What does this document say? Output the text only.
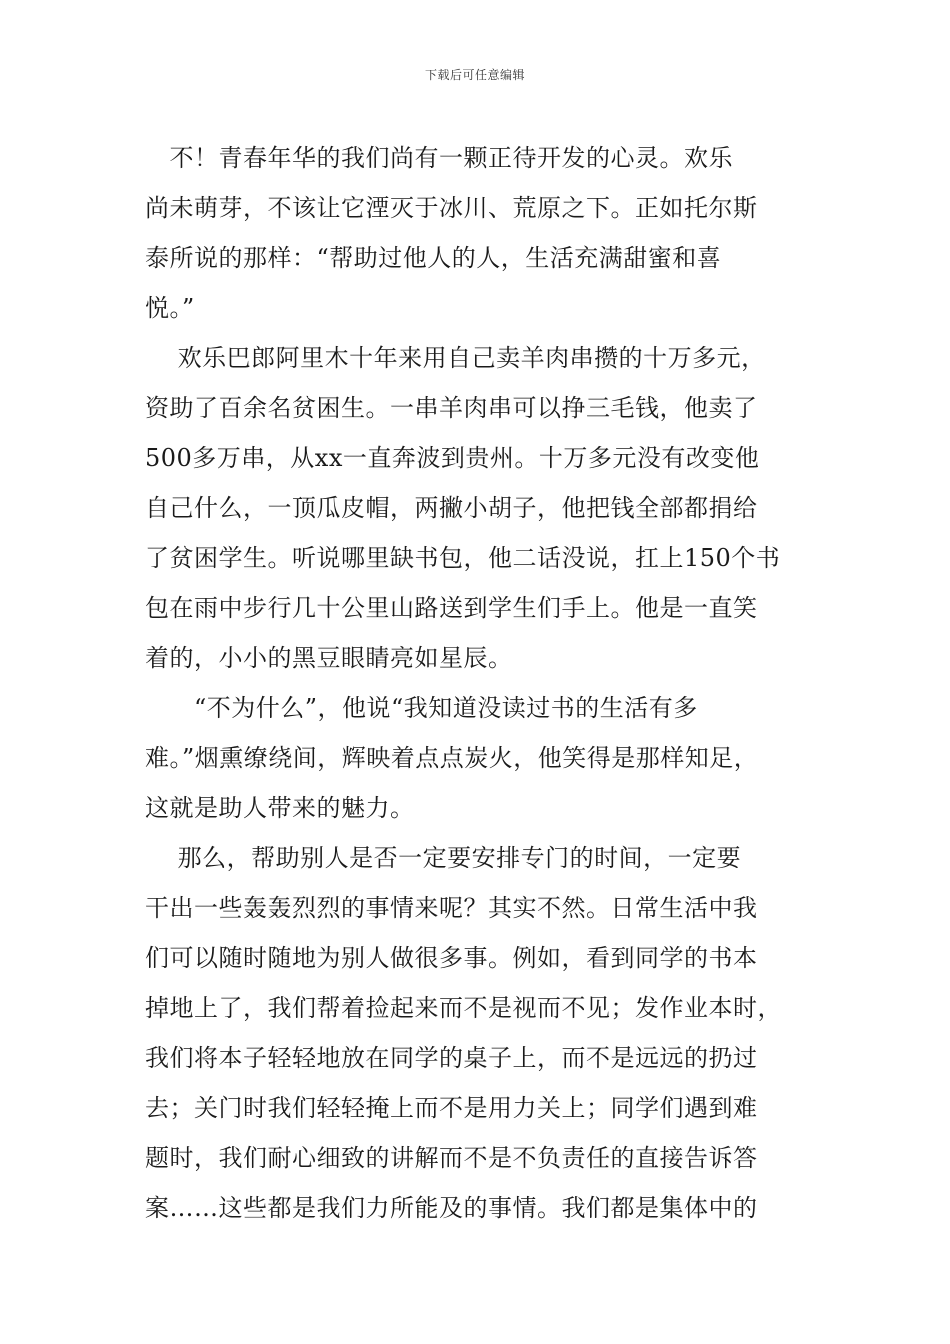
下载后可任意编辑
　不！青春年华的我们尚有一颗正待开发的心灵。欢乐
尚未萌芽，不该让它湮灭于冰川、荒原之下。正如托尔斯
泰所说的那样：“帮助过他人的人，生活充满甜蜜和喜
悦。”
　 欢乐巴郎阿里木十年来用自己卖羊肉串攒的十万多元，
资助了百余名贫困生。一串羊肉串可以挣三毛钱，他卖了
500多万串，从xx一直奔波到贵州。十万多元没有改变他
自己什么，一顶瓜皮帽，两撇小胡子，他把钱全部都捐给
了贫困学生。听说哪里缺书包，他二话没说，扛上150个书
包在雨中步行几十公里山路送到学生们手上。他是一直笑
着的，小小的黑豆眼睛亮如星辰。
　　“不为什么”，他说“我知道没读过书的生活有多
难。”烟熏缭绕间，辉映着点点炭火，他笑得是那样知足，
这就是助人带来的魅力。
　 那么，帮助别人是否一定要安排专门的时间，一定要
干出一些轰轰烈烈的事情来呢？其实不然。日常生活中我
们可以随时随地为别人做很多事。例如，看到同学的书本
掉地上了，我们帮着捡起来而不是视而不见；发作业本时，
我们将本子轻轻地放在同学的桌子上，而不是远远的扔过
去；关门时我们轻轻掩上而不是用力关上；同学们遇到难
题时，我们耐心细致的讲解而不是不负责任的直接告诉答
案……这些都是我们力所能及的事情。我们都是集体中的
